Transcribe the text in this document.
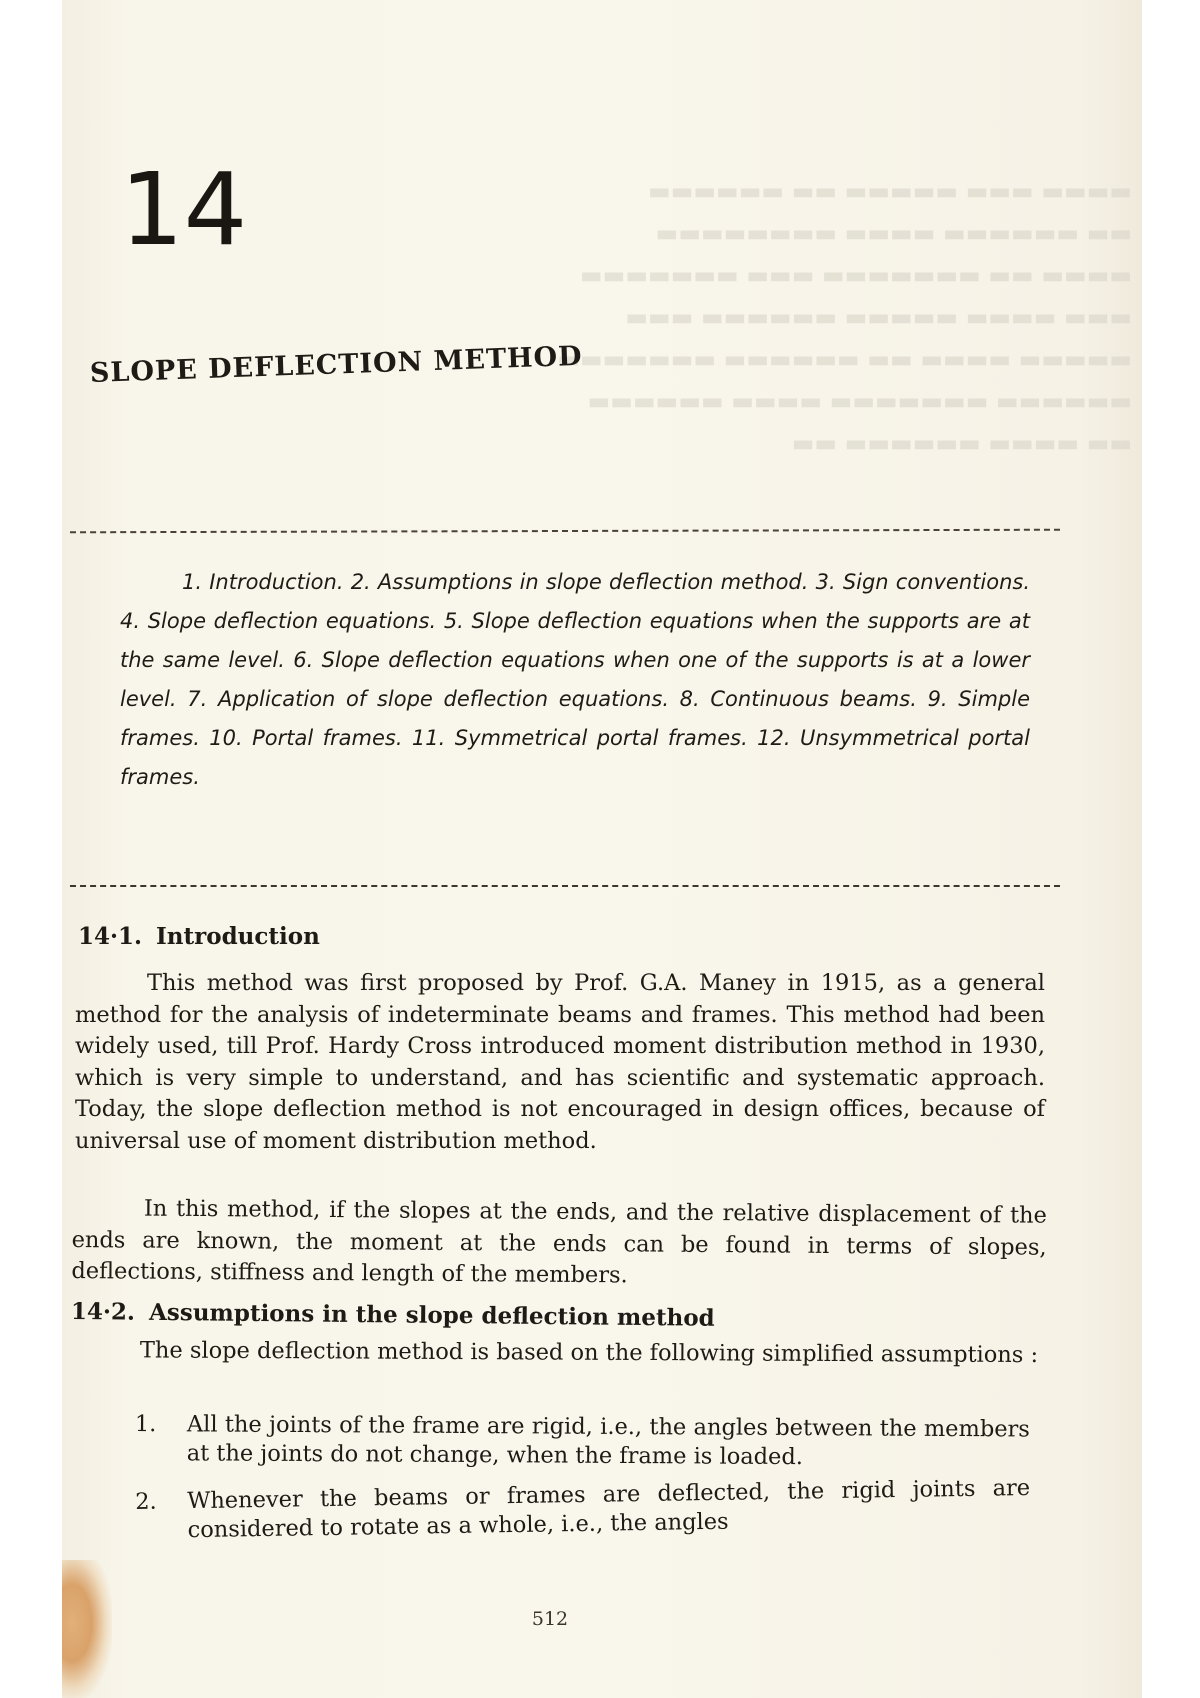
▬▬▬▬ ▬▬▬ ▬▬▬▬▬ ▬▬ ▬▬▬▬▬▬
▬▬ ▬▬▬▬▬▬ ▬▬▬▬ ▬▬▬▬▬▬▬▬
▬▬▬▬ ▬▬ ▬▬▬▬▬▬▬ ▬▬▬ ▬▬▬▬▬▬▬
▬▬▬ ▬▬▬▬ ▬▬▬▬▬ ▬▬▬▬▬▬ ▬▬▬
▬▬▬▬▬ ▬▬▬▬ ▬▬ ▬▬▬▬▬▬ ▬▬▬▬▬▬▬
▬▬▬▬▬▬ ▬▬▬▬▬▬▬ ▬▬▬▬ ▬▬▬▬▬▬
▬▬ ▬▬▬▬ ▬▬▬▬▬▬ ▬▬
14
SLOPE DEFLECTION METHOD

1. Introduction. 2. Assumptions in slope deflection method. 3. Sign conventions. 4. Slope deflection equations. 5. Slope deflection equations when the supports are at the same level. 6. Slope deflection equations when one of the supports is at a lower level. 7. Application of slope deflection equations. 8. Continuous beams. 9. Simple frames. 10. Portal frames. 11. Symmetrical portal frames. 12. Unsymmetrical portal frames.

14·1. Introduction

This method was first proposed by Prof. G.A. Maney in 1915, as a general method for the analysis of indeterminate beams and frames. This method had been widely used, till Prof. Hardy Cross introduced moment distribution method in 1930, which is very simple to understand, and has scientific and systematic approach. Today, the slope deflection method is not encouraged in design offices, because of universal use of moment distribution method.

In this method, if the slopes at the ends, and the relative displacement of the ends are known, the moment at the ends can be found in terms of slopes, deflections, stiffness and length of the members.

14·2. Assumptions in the slope deflection method

The slope deflection method is based on the following simplified assumptions :

1. All the joints of the frame are rigid, i.e., the angles between the members at the joints do not change, when the frame is loaded.
2. Whenever the beams or frames are deflected, the rigid joints are considered to rotate as a whole, i.e., the angles

512
